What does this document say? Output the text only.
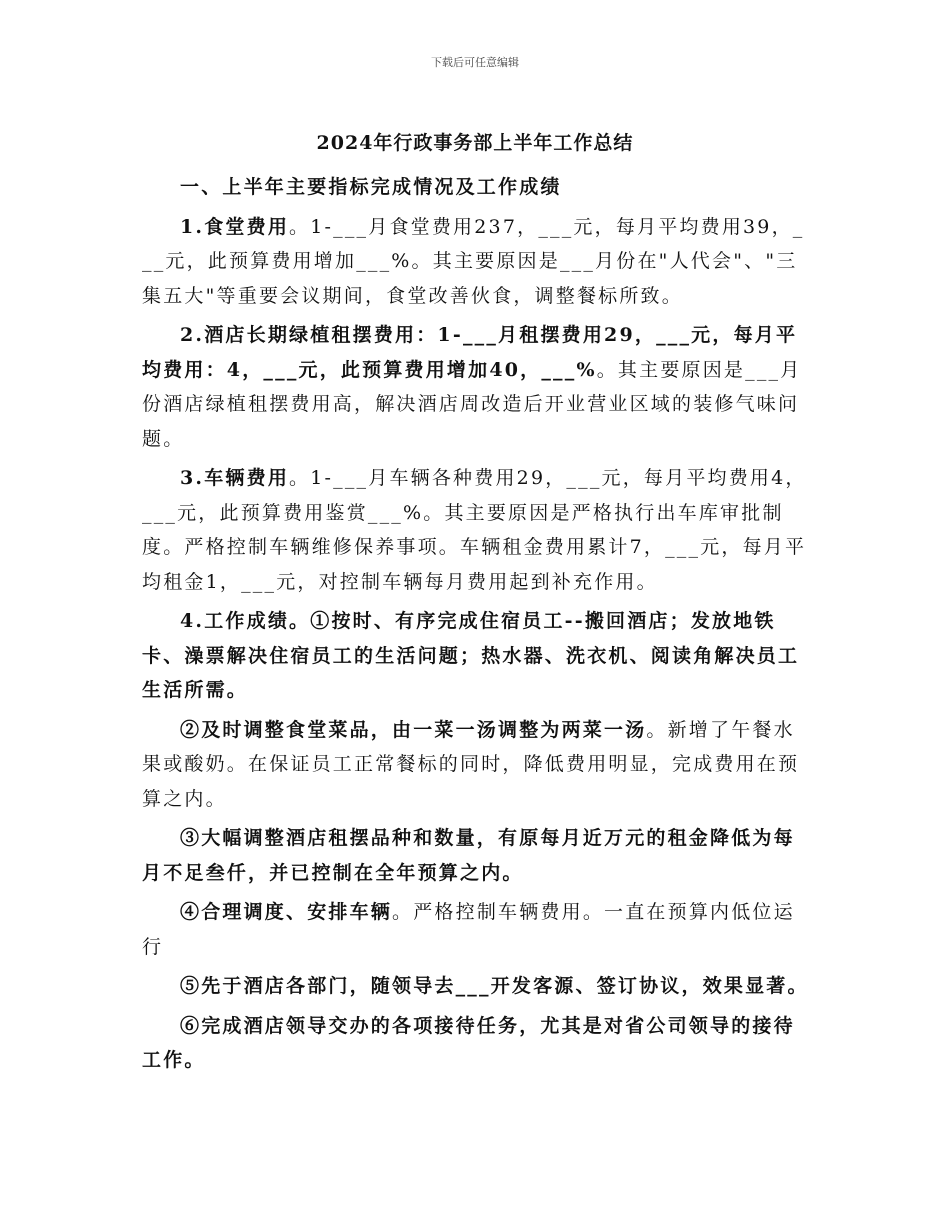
下载后可任意编辑
2024年行政事务部上半年工作总结

一、上半年主要指标完成情况及工作成绩

1.食堂费用。1-___月食堂费用237，___元，每月平均费用39，___元，此预算费用增加___%。其主要原因是___月份在"人代会"、"三集五大"等重要会议期间，食堂改善伙食，调整餐标所致。

2.酒店长期绿植租摆费用：1-___月租摆费用29，___元，每月平均费用：4，___元，此预算费用增加40，___%。其主要原因是___月份酒店绿植租摆费用高，解决酒店周改造后开业营业区域的装修气味问题。

3.车辆费用。1-___月车辆各种费用29，___元，每月平均费用4，___元，此预算费用鉴赏___%。其主要原因是严格执行出车库审批制度。严格控制车辆维修保养事项。车辆租金费用累计7，___元，每月平均租金1，___元，对控制车辆每月费用起到补充作用。

4.工作成绩。①按时、有序完成住宿员工--搬回酒店；发放地铁卡、澡票解决住宿员工的生活问题；热水器、洗衣机、阅读角解决员工生活所需。

②及时调整食堂菜品，由一菜一汤调整为两菜一汤。新增了午餐水果或酸奶。在保证员工正常餐标的同时，降低费用明显，完成费用在预算之内。

③大幅调整酒店租摆品种和数量，有原每月近万元的租金降低为每月不足叁仟，并已控制在全年预算之内。

④合理调度、安排车辆。严格控制车辆费用。一直在预算内低位运行

⑤先于酒店各部门，随领导去___开发客源、签订协议，效果显著。

⑥完成酒店领导交办的各项接待任务，尤其是对省公司领导的接待工作。
